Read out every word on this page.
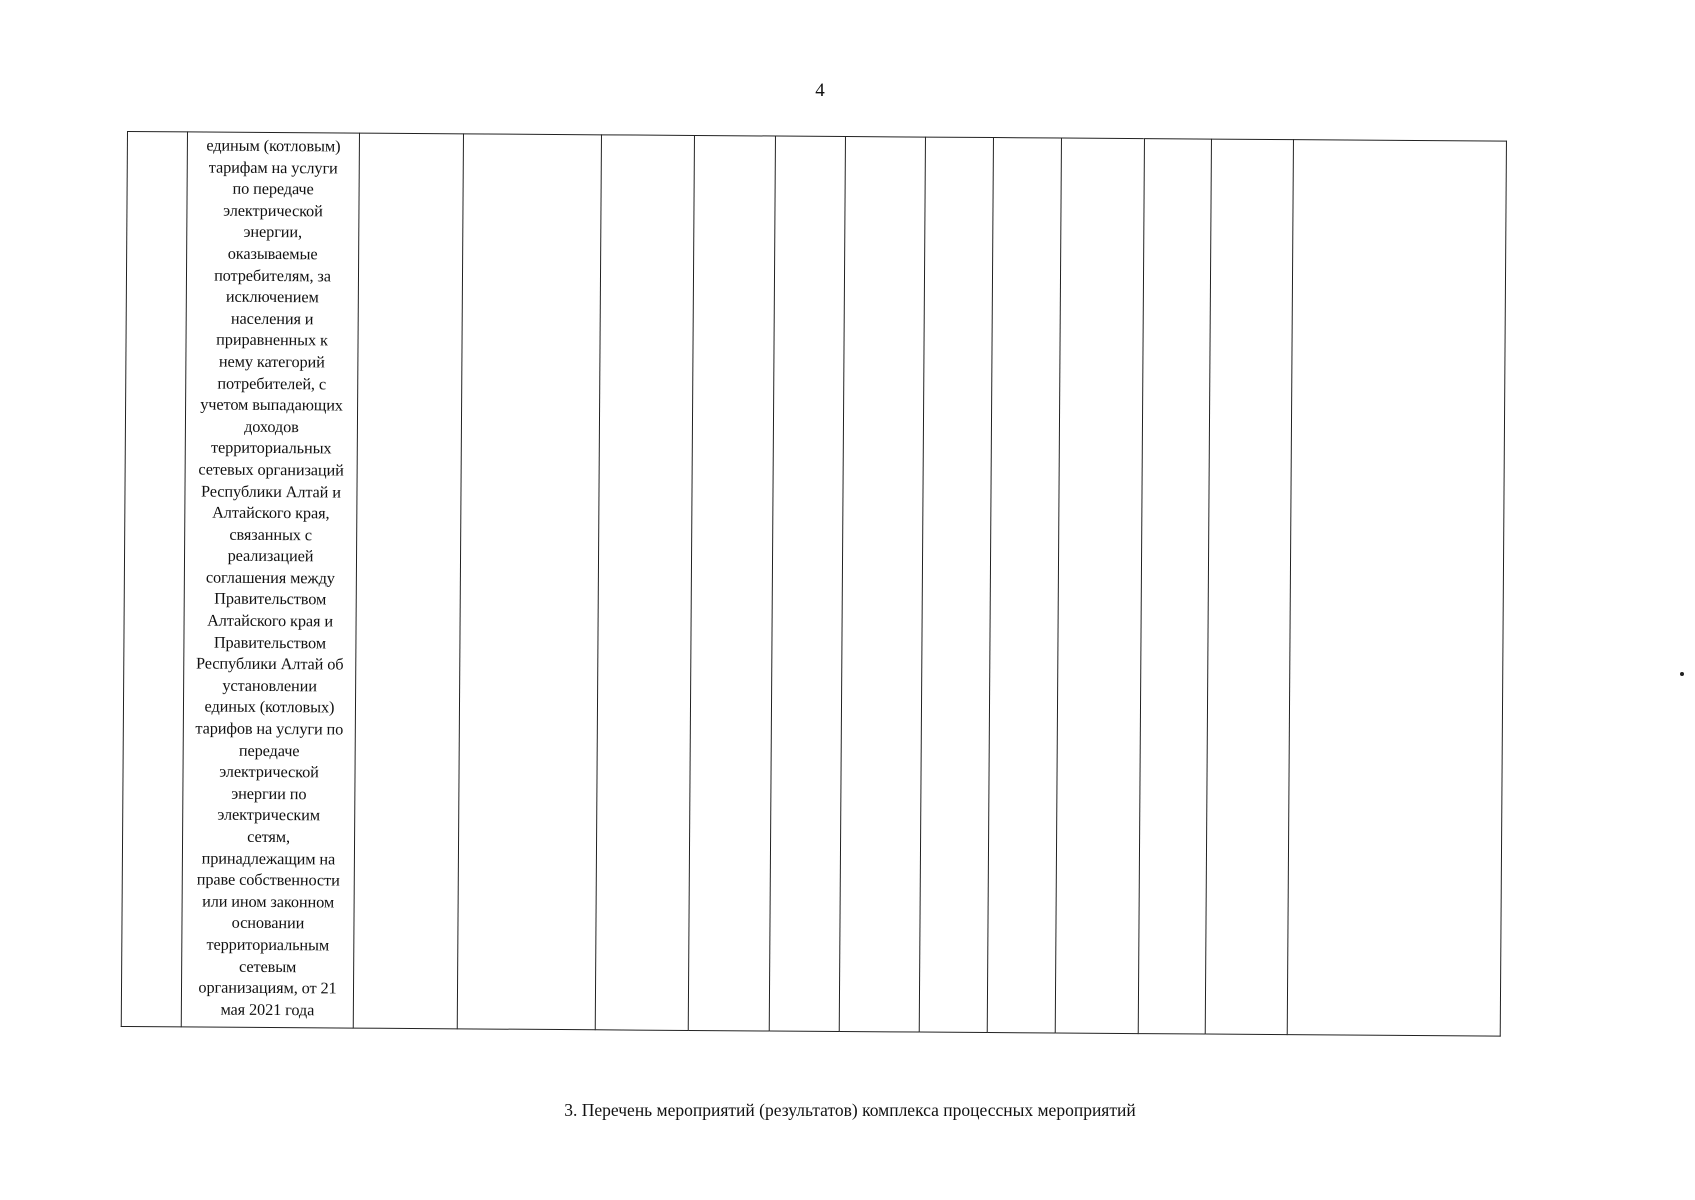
4

единым (котловым)
тарифам на услуги
по передаче
электрической
энергии,
оказываемые
потребителям, за
исключением
населения и
приравненных к
нему категорий
потребителей, с
учетом выпадающих
доходов
территориальных
сетевых организаций
Республики Алтай и
Алтайского края,
связанных с
реализацией
соглашения между
Правительством
Алтайского края и
Правительством
Республики Алтай об
установлении
единых (котловых)
тарифов на услуги по
передаче
электрической
энергии по
электрическим
сетям,
принадлежащим на
праве собственности
или ином законном
основании
территориальным
сетевым
организациям, от 21
мая 2021 года

3. Перечень мероприятий (результатов) комплекса процессных мероприятий
